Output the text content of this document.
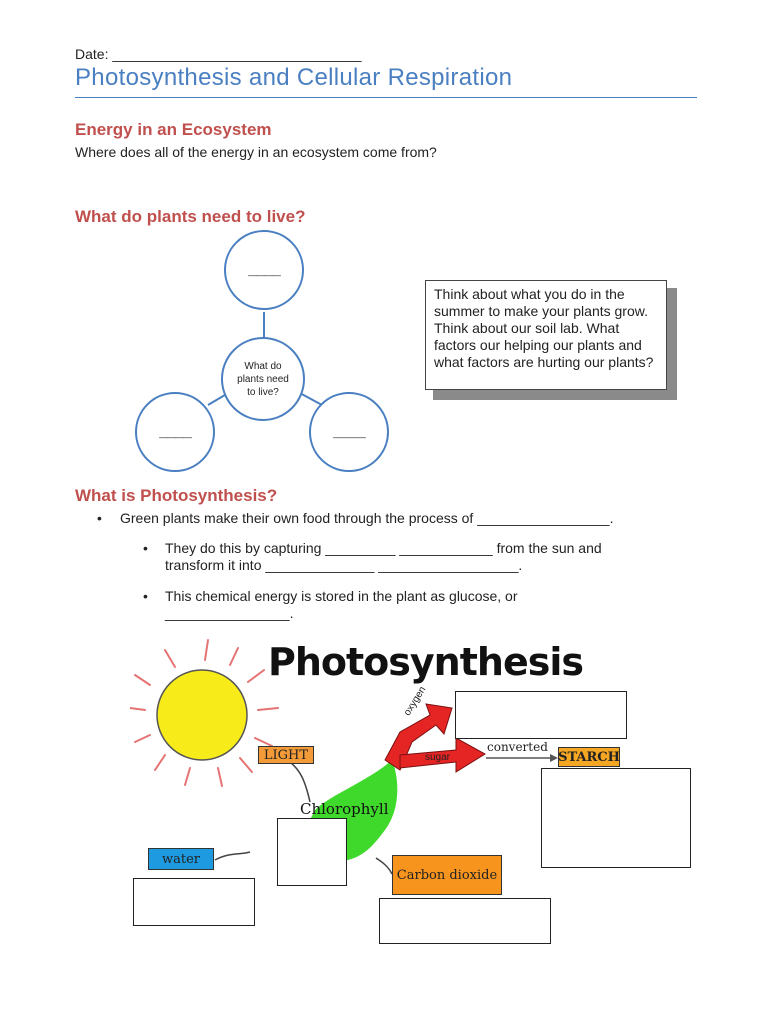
Date: ________________________________
Photosynthesis and Cellular Respiration
Energy in an Ecosystem
Where does all of the energy in an ecosystem come from?
What do plants need to live?
____
What do plants need to live?
____	____
Think about what you do in the summer to make your plants grow. Think about our soil lab. What factors our helping our plants and what factors are hurting our plants?
What is Photosynthesis?
• Green plants make their own food through the process of _________________.
• They do this by capturing _________ ____________ from the sun and
transform it into ______________ __________________.
• This chemical energy is stored in the plant as glucose, or
________________.
Photosynthesis
LIGHT
Chlorophyll
water
Carbon dioxide
STARCH
oxygen
sugar
converted
